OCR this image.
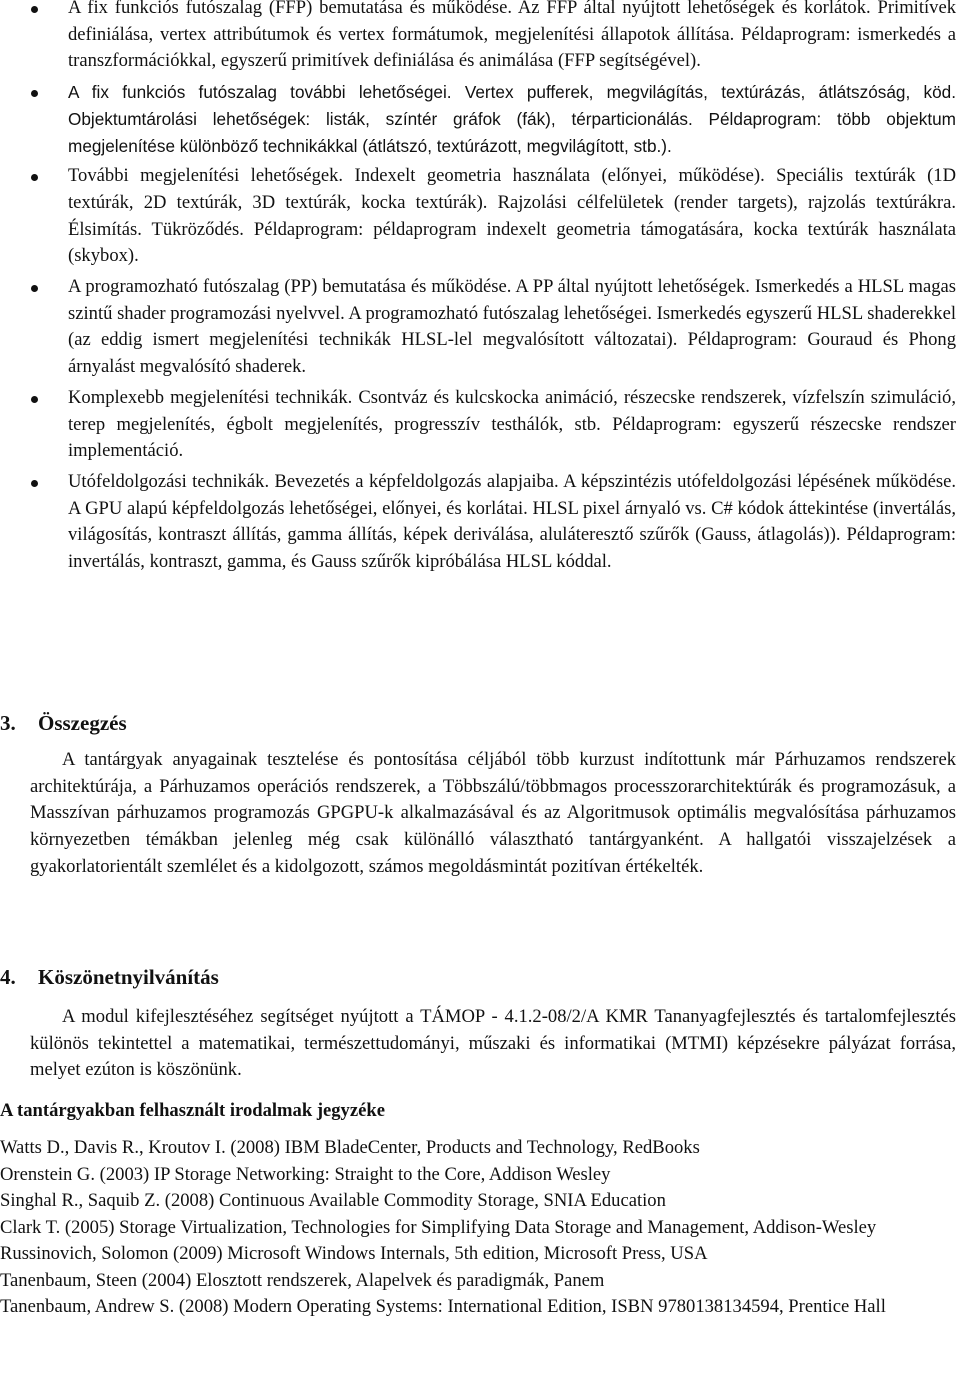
A fix funkciós futószalag (FFP) bemutatása és működése. Az FFP által nyújtott lehetőségek és korlátok. Primitívek definiálása, vertex attribútumok és vertex formátumok, megjelenítési állapotok állítása. Példaprogram: ismerkedés a transzformációkkal, egyszerű primitívek definiálása és animálása (FFP segítségével).
A fix funkciós futószalag további lehetőségei. Vertex pufferek, megvilágítás, textúrázás, átlátszóság, köd. Objektumtárolási lehetőségek: listák, színtér gráfok (fák), térparticionálás. Példaprogram: több objektum megjelenítése különböző technikákkal (átlátszó, textúrázott, megvilágított, stb.).
További megjelenítési lehetőségek. Indexelt geometria használata (előnyei, működése). Speciális textúrák (1D textúrák, 2D textúrák, 3D textúrák, kocka textúrák). Rajzolási célfelületek (render targets), rajzolás textúrákra. Élsimítás. Tükröződés. Példaprogram: példaprogram indexelt geometria támogatására, kocka textúrák használata (skybox).
A programozható futószalag (PP) bemutatása és működése. A PP által nyújtott lehetőségek. Ismerkedés a HLSL magas szintű shader programozási nyelvvel. A programozható futószalag lehetőségei. Ismerkedés egyszerű HLSL shaderekkel (az eddig ismert megjelenítési technikák HLSL-lel megvalósított változatai). Példaprogram: Gouraud és Phong árnyalást megvalósító shaderek.
Komplexebb megjelenítési technikák. Csontváz és kulcskocka animáció, részecske rendszerek, vízfelszín szimuláció, terep megjelenítés, égbolt megjelenítés, progresszív testhálók, stb. Példaprogram: egyszerű részecske rendszer implementáció.
Utófeldolgozási technikák. Bevezetés a képfeldolgozás alapjaiba. A képszintézis utófeldolgozási lépésének működése. A GPU alapú képfeldolgozás lehetőségei, előnyei, és korlátai. HLSL pixel árnyaló vs. C# kódok áttekintése (invertálás, világosítás, kontraszt állítás, gamma állítás, képek deriválása, aluláteresztő szűrők (Gauss, átlagolás)). Példaprogram: invertálás, kontraszt, gamma, és Gauss szűrők kipróbálása HLSL kóddal.
3. Összegzés

A tantárgyak anyagainak tesztelése és pontosítása céljából több kurzust indítottunk már Párhuzamos rendszerek architektúrája, a Párhuzamos operációs rendszerek, a Többszálú/többmagos processzorarchitektúrák és programozásuk, a Masszívan párhuzamos programozás GPGPU-k alkalmazásával és az Algoritmusok optimális megvalósítása párhuzamos környezetben témákban jelenleg még csak különálló választható tantárgyanként. A hallgatói visszajelzések a gyakorlatorientált szemlélet és a kidolgozott, számos megoldásmintát pozitívan értékelték.

4. Köszönetnyilvánítás

A modul kifejlesztéséhez segítséget nyújtott a TÁMOP - 4.1.2-08/2/A KMR Tananyagfejlesztés és tartalomfejlesztés különös tekintettel a matematikai, természettudományi, műszaki és informatikai (MTMI) képzésekre pályázat forrása, melyet ezúton is köszönünk.

A tantárgyakban felhasznált irodalmak jegyzéke
Watts D., Davis R., Kroutov I. (2008) IBM BladeCenter, Products and Technology, RedBooks
Orenstein G. (2003) IP Storage Networking: Straight to the Core, Addison Wesley
Singhal R., Saquib Z. (2008) Continuous Available Commodity Storage, SNIA Education
Clark T. (2005) Storage Virtualization, Technologies for Simplifying Data Storage and Management, Addison-Wesley
Russinovich, Solomon (2009) Microsoft Windows Internals, 5th edition, Microsoft Press, USA
Tanenbaum, Steen (2004) Elosztott rendszerek, Alapelvek és paradigmák, Panem
Tanenbaum, Andrew S. (2008) Modern Operating Systems: International Edition, ISBN 9780138134594, Prentice Hall
